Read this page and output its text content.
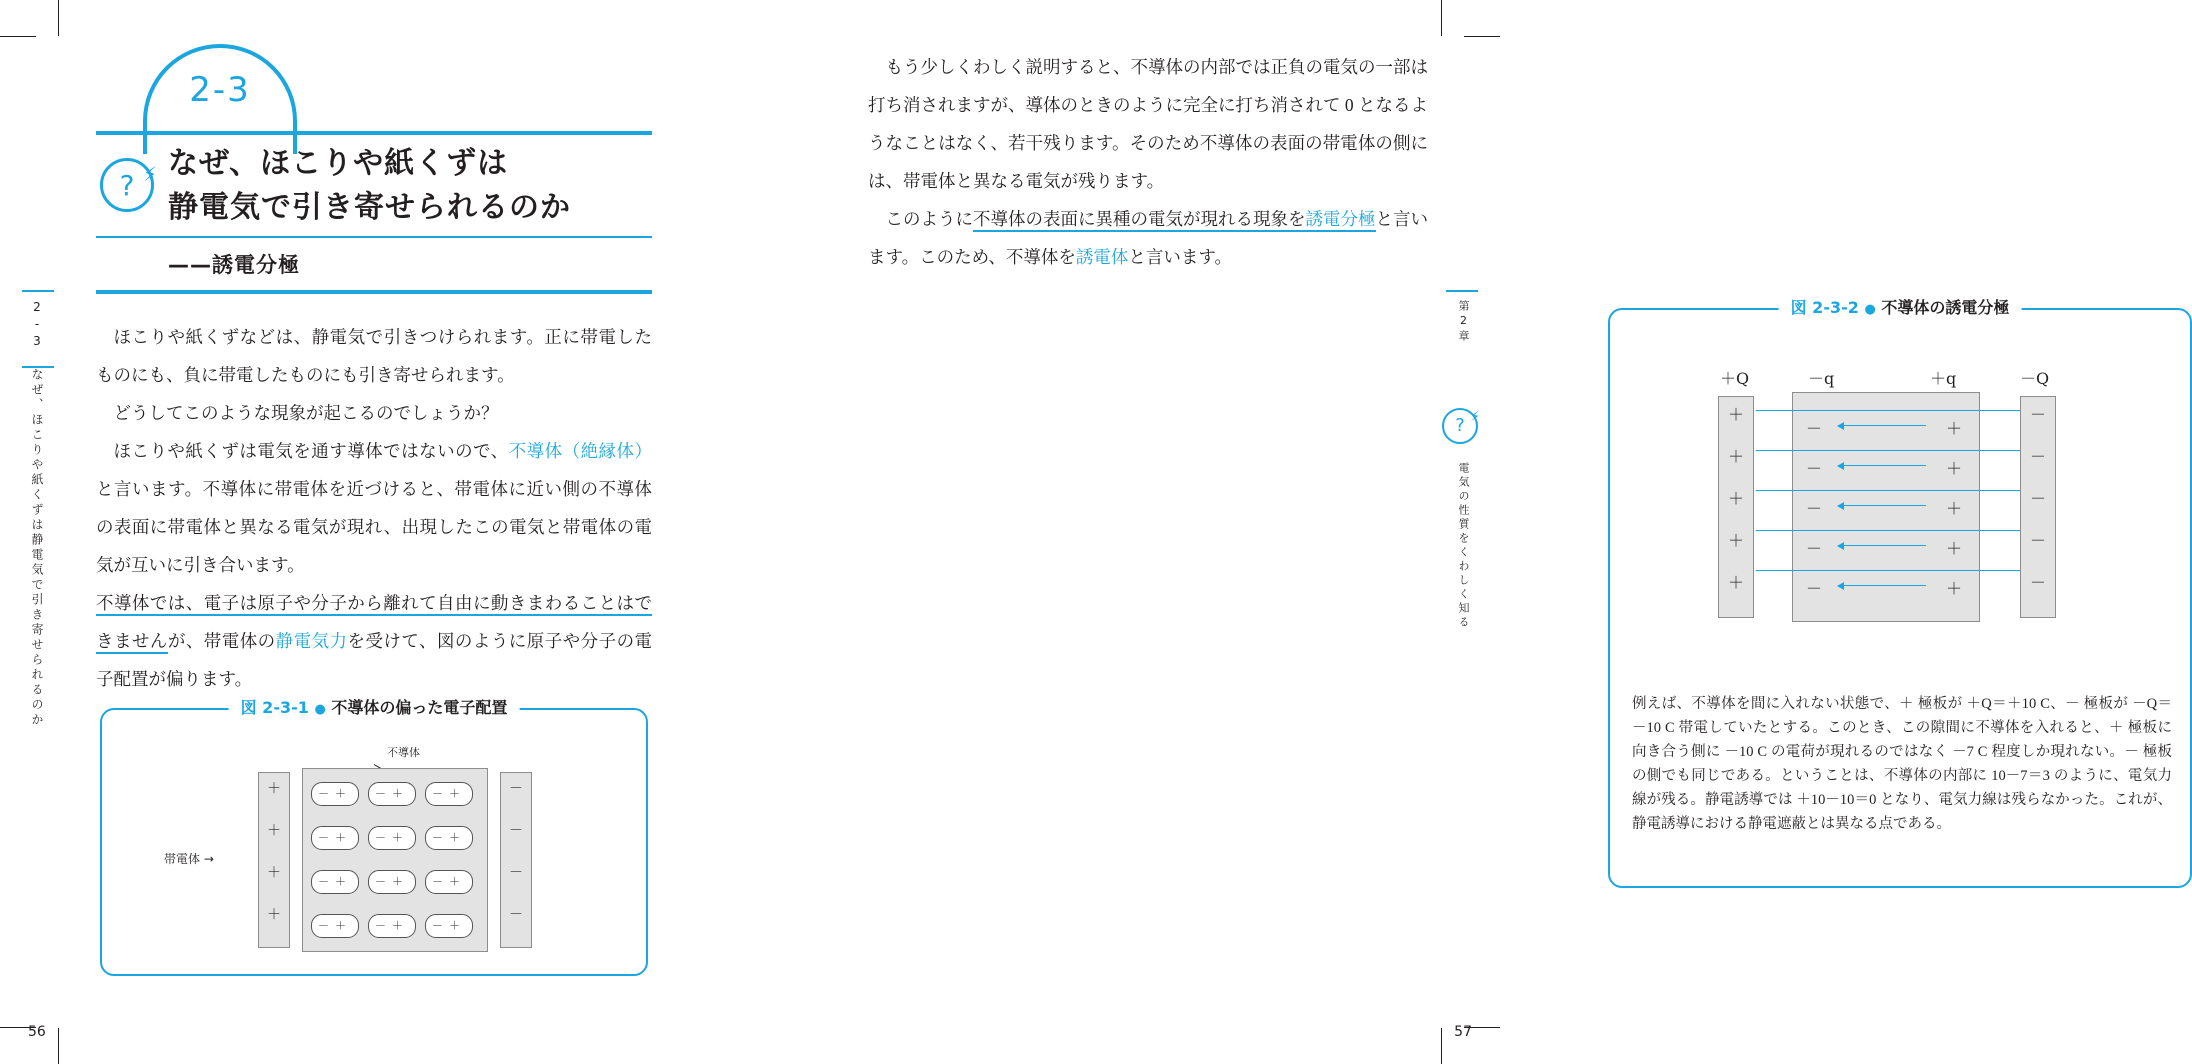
2-3
? ⚡ なぜ、ほこりや紙くずは
静電気で引き寄せられるのか
——誘電分極

ほこりや紙くずなどは、静電気で引きつけられます。正に帯電したものにも、負に帯電したものにも引き寄せられます。

どうしてこのような現象が起こるのでしょうか？

ほこりや紙くずは電気を通す導体ではないので、不導体（絶縁体）と言います。不導体に帯電体を近づけると、帯電体に近い側の不導体の表面に帯電体と異なる電気が現れ、出現したこの電気と帯電体の電気が互いに引き合います。

不導体では、電子は原子や分子から離れて自由に動きまわることはできませんが、帯電体の静電気力を受けて、図のように原子や分子の電子配置が偏ります。

図 2-3-1 ● 不導体の偏った電子配置
不導体
帯電体 →
＋
＋
＋
＋
－＋	－＋	－＋
－＋	－＋	－＋
－＋	－＋	－＋
－＋	－＋	－＋
－
－
－
－
2-3 なぜ、ほこりや紙くずは静電気で引き寄せられるのか
56

もう少しくわしく説明すると、不導体の内部では正負の電気の一部は打ち消されますが、導体のときのように完全に打ち消されて 0 となるようなことはなく、若干残ります。そのため不導体の表面の帯電体の側には、帯電体と異なる電気が残ります。

このように不導体の表面に異種の電気が現れる現象を誘電分極と言います。このため、不導体を誘電体と言います。

図 2-3-2 ● 不導体の誘電分極
＋Q	－q	＋q	－Q
＋
＋
＋
＋
＋
－
－
－
－
－
＋
＋
＋
＋
＋
－
－
－
－
－
例えば、不導体を間に入れない状態で、＋ 極板が ＋Q＝＋10 C、－ 極板が －Q＝－10 C 帯電していたとする。このとき、この隙間に不導体を入れると、＋ 極板に向き合う側に －10 C の電荷が現れるのではなく －7 C 程度しか現れない。－ 極板の側でも同じである。ということは、不導体の内部に 10－7＝3 のように、電気力線が残る。静電誘導では ＋10－10＝0 となり、電気力線は残らなかった。これが、静電誘導における静電遮蔽とは異なる点である。
第2章
? ⚡
電気の性質をくわしく知る
57
